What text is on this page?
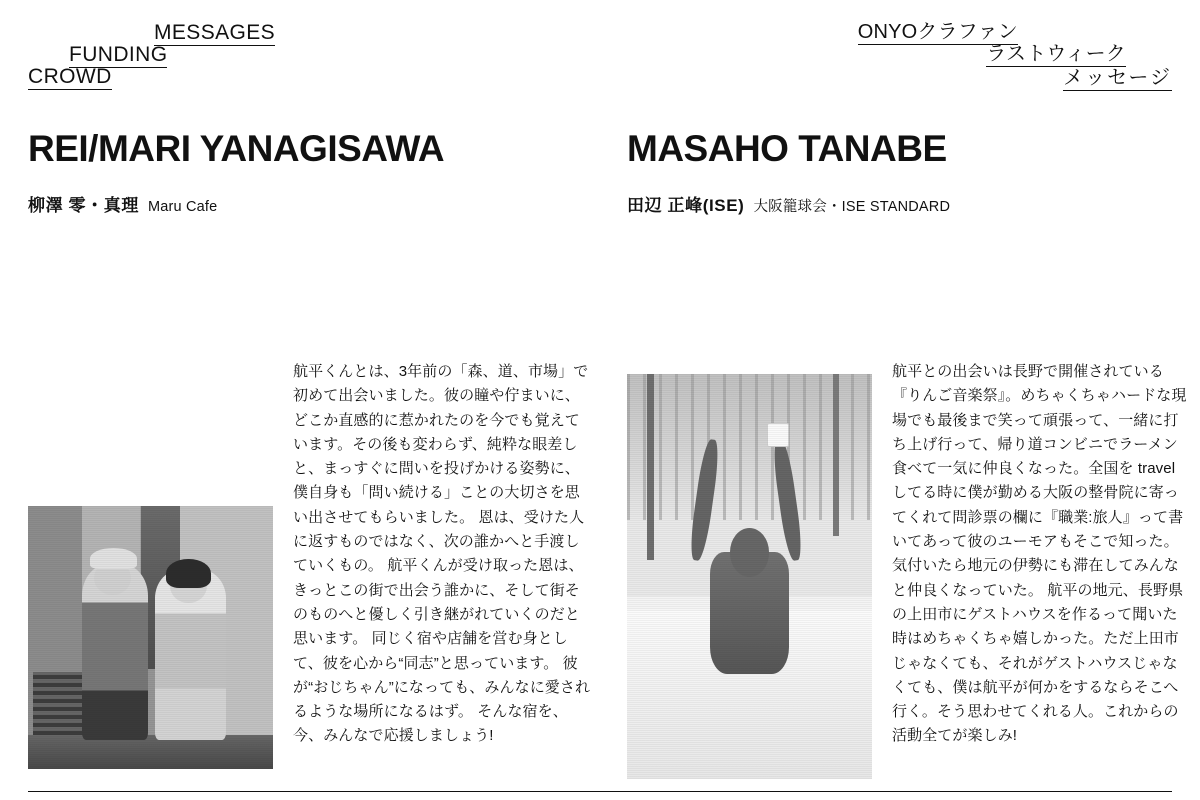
MESSAGES
FUNDING
CROWD
ONYOクラファン
ラストウィーク
メッセージ
REI/MARI YANAGISAWA
柳澤 零・真理 Maru Cafe
MASAHO TANABE
田辺 正峰(ISE) 大阪籠球会・ISE STANDARD

航平くんとは、3年前の「森、道、市場」で初めて出会いました。彼の瞳や佇まいに、どこか直感的に惹かれたのを今でも覚えています。その後も変わらず、純粋な眼差しと、まっすぐに問いを投げかける姿勢に、僕自身も「問い続ける」ことの大切さを思い出させてもらいました。 恩は、受けた人に返すものではなく、次の誰かへと手渡していくもの。 航平くんが受け取った恩は、きっとこの街で出会う誰かに、そして街そのものへと優しく引き継がれていくのだと思います。 同じく宿や店舗を営む身として、彼を心から“同志”と思っています。 彼が“おじちゃん”になっても、みんなに愛されるような場所になるはず。 そんな宿を、今、みんなで応援しましょう!

航平との出会いは長野で開催されている『りんご音楽祭』。めちゃくちゃハードな現場でも最後まで笑って頑張って、一緒に打ち上げ行って、帰り道コンビニでラーメン食べて一気に仲良くなった。全国を travel してる時に僕が勤める大阪の整骨院に寄ってくれて問診票の欄に『職業:旅人』って書いてあって彼のユーモアもそこで知った。気付いたら地元の伊勢にも滞在してみんなと仲良くなっていた。 航平の地元、長野県の上田市にゲストハウスを作るって聞いた時はめちゃくちゃ嬉しかった。ただ上田市じゃなくても、それがゲストハウスじゃなくても、僕は航平が何かをするならそこへ行く。そう思わせてくれる人。これからの活動全てが楽しみ!
